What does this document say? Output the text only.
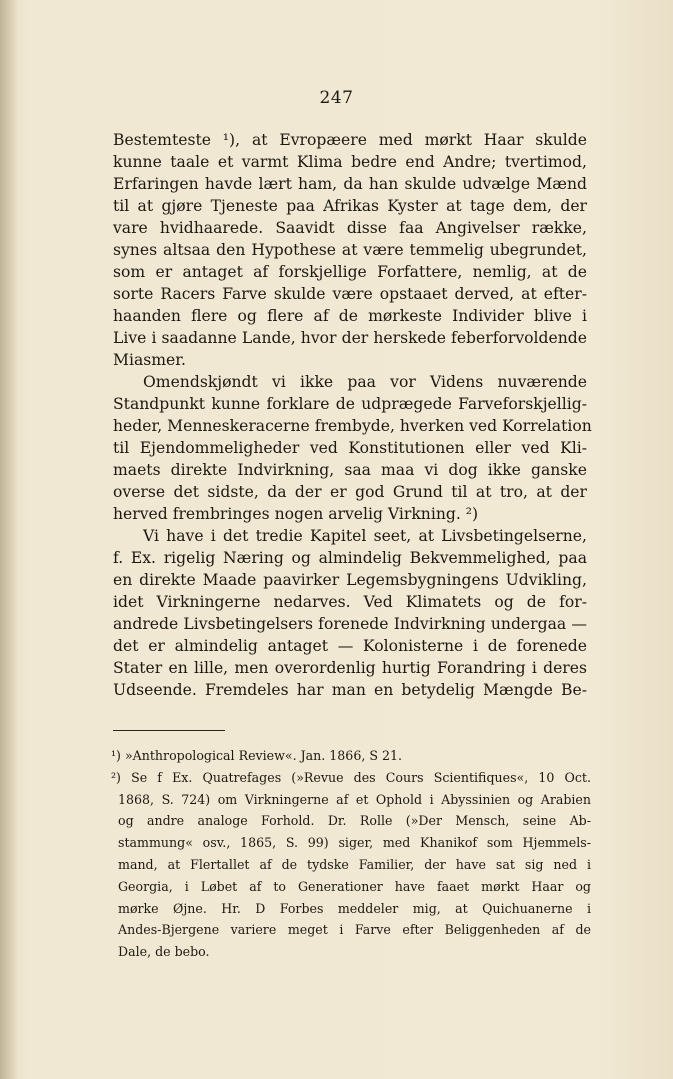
247
Bestemteste ¹), at Evropæere med mørkt Haar skulde
kunne taale et varmt Klima bedre end Andre; tvertimod,
Erfaringen havde lært ham, da han skulde udvælge Mænd
til at gjøre Tjeneste paa Afrikas Kyster at tage dem, der
vare hvidhaarede. Saavidt disse faa Angivelser række,
synes altsaa den Hypothese at være temmelig ubegrundet,
som er antaget af forskjellige Forfattere, nemlig, at de
sorte Racers Farve skulde være opstaaet derved, at efter-
haanden flere og flere af de mørkeste Individer blive i
Live i saadanne Lande, hvor der herskede feberforvoldende
Miasmer.
Omendskjøndt vi ikke paa vor Videns nuværende
Standpunkt kunne forklare de udprægede Farveforskjellig-
heder, Menneskeracerne frembyde, hverken ved Korrelation
til Ejendommeligheder ved Konstitutionen eller ved Kli-
maets direkte Indvirkning, saa maa vi dog ikke ganske
overse det sidste, da der er god Grund til at tro, at der
herved frembringes nogen arvelig Virkning. ²)
Vi have i det tredie Kapitel seet, at Livsbetingelserne,
f. Ex. rigelig Næring og almindelig Bekvemmelighed, paa
en direkte Maade paavirker Legemsbygningens Udvikling,
idet Virkningerne nedarves. Ved Klimatets og de for-
andrede Livsbetingelsers forenede Indvirkning undergaa —
det er almindelig antaget — Kolonisterne i de forenede
Stater en lille, men overordenlig hurtig Forandring i deres
Udseende. Fremdeles har man en betydelig Mængde Be-
¹) »Anthropological Review«. Jan. 1866, S 21.
²) Se f Ex. Quatrefages (»Revue des Cours Scientifiques«, 10 Oct.
1868, S. 724) om Virkningerne af et Ophold i Abyssinien og Arabien
og andre analoge Forhold. Dr. Rolle (»Der Mensch, seine Ab-
stammung« osv., 1865, S. 99) siger, med Khanikof som Hjemmels-
mand, at Flertallet af de tydske Familier, der have sat sig ned i
Georgia, i Løbet af to Generationer have faaet mørkt Haar og
mørke Øjne. Hr. D Forbes meddeler mig, at Quichuanerne i
Andes-Bjergene variere meget i Farve efter Beliggenheden af de
Dale, de bebo.
